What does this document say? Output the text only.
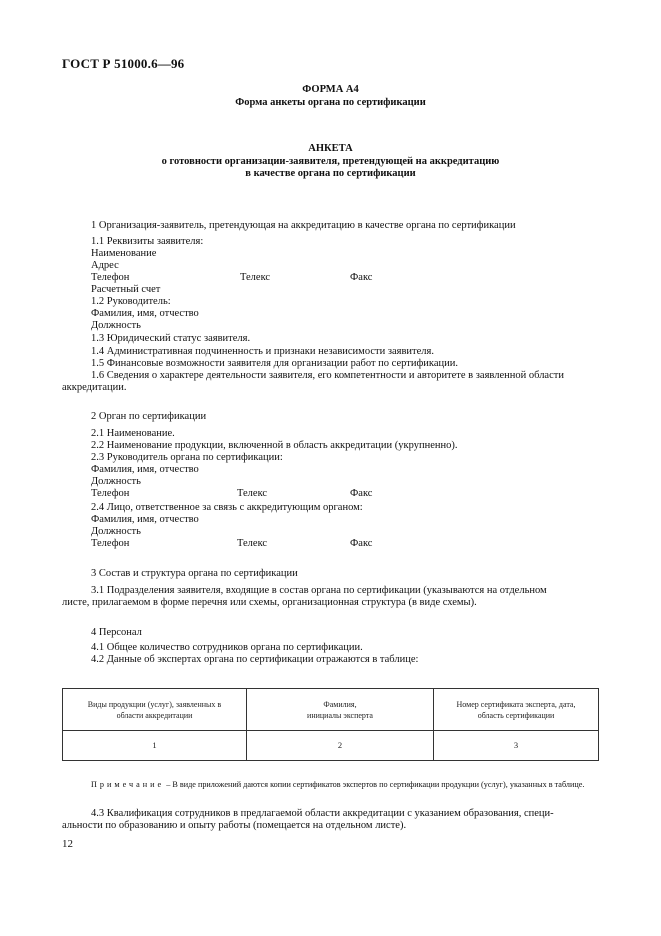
ГОСТ Р 51000.6—96
ФОРМА А4
Форма анкеты органа по сертификации
АНКЕТА
о готовности организации-заявителя, претендующей на аккредитацию
в качестве органа по сертификации
1 Организация-заявитель, претендующая на аккредитацию в качестве органа по сертификации
1.1 Реквизиты заявителя:
Наименование
Адрес
Телефон	Телекс	Факс
Расчетный счет
1.2 Руководитель:
Фамилия, имя, отчество
Должность
1.3 Юридический статус заявителя.
1.4 Административная подчиненность и признаки независимости заявителя.
1.5 Финансовые возможности заявителя для организации работ по сертификации.
1.6 Сведения о характере деятельности заявителя, его компетентности и авторитете в заявленной области
аккредитации.
2 Орган по сертификации
2.1 Наименование.
2.2 Наименование продукции, включенной в область аккредитации (укрупненно).
2.3 Руководитель органа по сертификации:
Фамилия, имя, отчество
Должность
Телефон	Телекс	Факс
2.4 Лицо, ответственное за связь с аккредитующим органом:
Фамилия, имя, отчество
Должность
Телефон	Телекс	Факс
3 Состав и структура органа по сертификации
3.1 Подразделения заявителя, входящие в состав органа по сертификации (указываются на отдельном
листе, прилагаемом в форме перечня или схемы, организационная структура (в виде схемы).
4 Персонал
4.1 Общее количество сотрудников органа по сертификации.
4.2 Данные об экспертах органа по сертификации отражаются в таблице:
Виды продукции (услуг), заявленных в
области аккредитации	Фамилия,
инициалы эксперта	Номер сертификата эксперта, дата,
область сертификации
1	2	3
Примечание – В виде приложений даются копии сертификатов экспертов по сертификации продукции (услуг), указанных в таблице.
4.3 Квалификация сотрудников в предлагаемой области аккредитации с указанием образования, специ-
альности по образованию и опыту работы (помещается на отдельном листе).
12
